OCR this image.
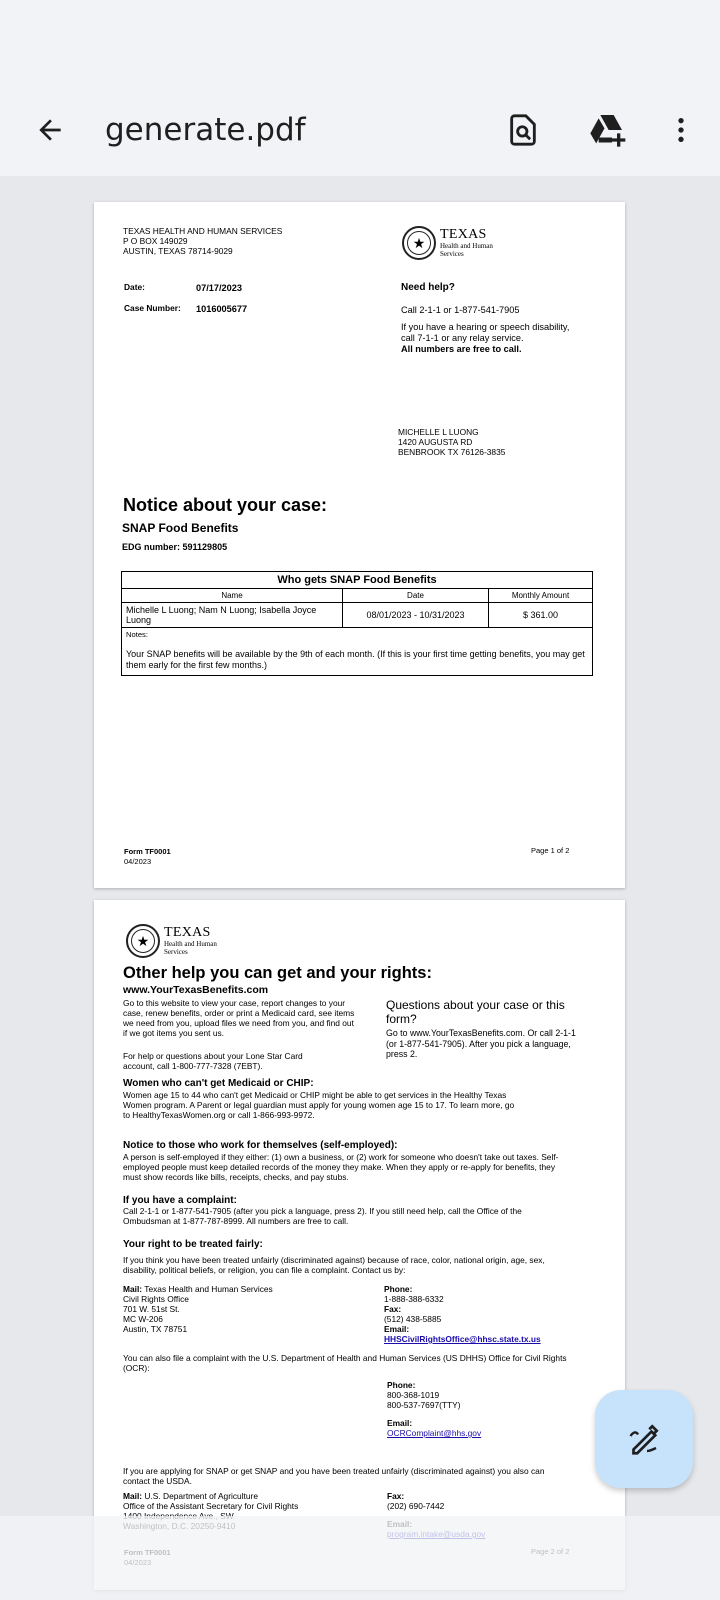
generate.pdf
TEXAS HEALTH AND HUMAN SERVICES
P O BOX 149029
AUSTIN, TEXAS 78714-9029	★
TEXAS
Health and Human
Services
Date:	07/17/2023
Case Number: 1016005677
Need help?
Call 2-1-1 or 1-877-541-7905
If you have a hearing or speech disability,
call 7-1-1 or any relay service.
All numbers are free to call.
MICHELLE L LUONG
1420 AUGUSTA RD
BENBROOK TX 76126-3835
Notice about your case:
SNAP Food Benefits
EDG number: 591129805
Who gets SNAP Food Benefits		
Name	Date	Monthly Amount
Michelle L Luong; Nam N Luong; Isabella Joyce Luong	08/01/2023 - 10/31/2023	$ 361.00

Notes:
Your SNAP benefits will be available by the 9th of each month. (If this is your first time getting benefits, you may get them early for the first few months.)		
Form TF0001
04/2023
Page 1 of 2
★
TEXAS
Health and Human
Services
Other help you can get and your rights:
www.YourTexasBenefits.com
Go to this website to view your case, report changes to your case, renew benefits, order or print a Medicaid card, see items we need from you, upload files we need from you, and find out if we got items you sent us.
For help or questions about your Lone Star Card account, call 1-800-777-7328 (7EBT).
Questions about your case or this form?
Go to www.YourTexasBenefits.com. Or call 2-1-1 (or 1-877-541-7905). After you pick a language, press 2.
Women who can't get Medicaid or CHIP:
Women age 15 to 44 who can't get Medicaid or CHIP might be able to get services in the Healthy Texas Women program. A Parent or legal guardian must apply for young women age 15 to 17. To learn more, go to HealthyTexasWomen.org or call 1-866-993-9972.
Notice to those who work for themselves (self-employed):
A person is self-employed if they either: (1) own a business, or (2) work for someone who doesn't take out taxes. Self-employed people must keep detailed records of the money they make. When they apply or re-apply for benefits, they must show records like bills, receipts, checks, and pay stubs.
If you have a complaint:
Call 2-1-1 or 1-877-541-7905 (after you pick a language, press 2). If you still need help, call the Office of the Ombudsman at 1-877-787-8999. All numbers are free to call.
Your right to be treated fairly:
If you think you have been treated unfairly (discriminated against) because of race, color, national origin, age, sex, disability, political beliefs, or religion, you can file a complaint. Contact us by:
Mail: Texas Health and Human Services
Civil Rights Office
701 W. 51st St.
MC W-206
Austin, TX 78751
Phone:
1-888-388-6332
Fax:
(512) 438-5885
Email:
HHSCivilRightsOffice@hhsc.state.tx.us
You can also file a complaint with the U.S. Department of Health and Human Services (US DHHS) Office for Civil Rights (OCR):
Phone:
800-368-1019
800-537-7697(TTY)
Email:
OCRComplaint@hhs.gov
If you are applying for SNAP or get SNAP and you have been treated unfairly (discriminated against) you also can contact the USDA.
Mail: U.S. Department of Agriculture
Office of the Assistant Secretary for Civil Rights
Fax:
(202) 690-7442
